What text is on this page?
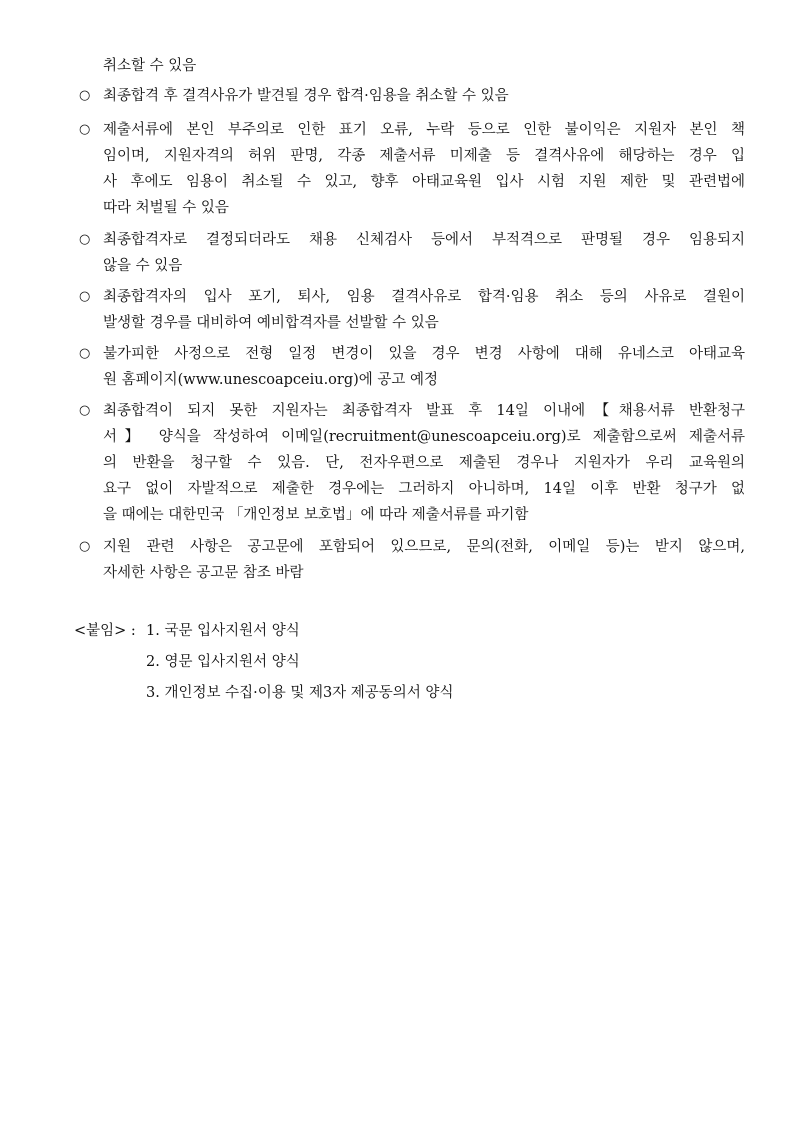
취소할 수 있음
○ 최종합격 후 결격사유가 발견될 경우 합격·임용을 취소할 수 있음
○ 제출서류에 본인 부주의로 인한 표기 오류, 누락 등으로 인한 불이익은 지원자 본인 책
임이며, 지원자격의 허위 판명, 각종 제출서류 미제출 등 결격사유에 해당하는 경우 입
사 후에도 임용이 취소될 수 있고, 향후 아태교육원 입사 시험 지원 제한 및 관련법에
따라 처벌될 수 있음
○ 최종합격자로 결정되더라도 채용 신체검사 등에서 부적격으로 판명될 경우 임용되지
않을 수 있음
○ 최종합격자의 입사 포기, 퇴사, 임용 결격사유로 합격·임용 취소 등의 사유로 결원이
발생할 경우를 대비하여 예비합격자를 선발할 수 있음
○ 불가피한 사정으로 전형 일정 변경이 있을 경우 변경 사항에 대해 유네스코 아태교육
원 홈페이지(www.unescoapceiu.org)에 공고 예정
○ 최종합격이 되지 못한 지원자는 최종합격자 발표 후 14일 이내에【채용서류 반환청구
서】 양식을 작성하여 이메일(recruitment@unescoapceiu.org)로 제출함으로써 제출서류
의 반환을 청구할 수 있음. 단, 전자우편으로 제출된 경우나 지원자가 우리 교육원의
요구 없이 자발적으로 제출한 경우에는 그러하지 아니하며, 14일 이후 반환 청구가 없
을 때에는 대한민국 「개인정보 보호법」에 따라 제출서류를 파기함
○ 지원 관련 사항은 공고문에 포함되어 있으므로, 문의(전화, 이메일 등)는 받지 않으며,
자세한 사항은 공고문 참조 바람
<붙임> : 1. 국문 입사지원서 양식
2. 영문 입사지원서 양식
3. 개인정보 수집·이용 및 제3자 제공동의서 양식
